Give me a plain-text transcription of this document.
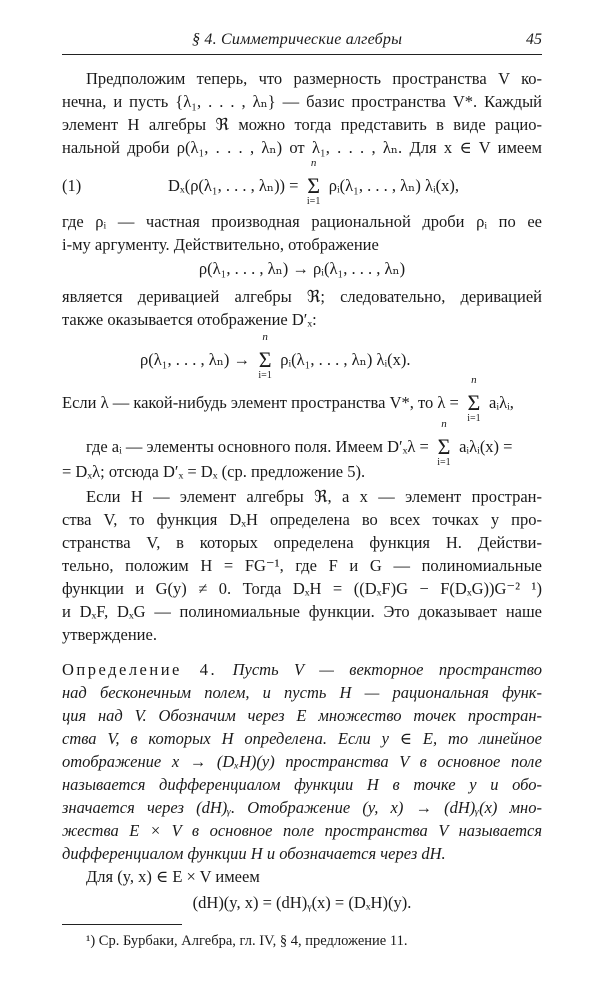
§ 4. Симметрические алгебры	45
Предположим теперь, что размерность пространства V ко-
нечна, и пусть {λ₁, . . . , λₙ} — базис пространства V*. Каждый
элемент H алгебры ℜ можно тогда представить в виде рацио-
нальной дроби ρ(λ₁, . . . , λₙ) от λ₁, . . . , λₙ. Для x ∈ V имеем
(1)	Dₓ(ρ(λ₁, . . . , λₙ)) =
n
Σ
i=1
ρᵢ(λ₁, . . . , λₙ) λᵢ(x),
где ρᵢ — частная производная рациональной дроби ρᵢ по ее
i-му аргументу. Действительно, отображение
ρ(λ₁, . . . , λₙ) → ρᵢ(λ₁, . . . , λₙ)
является деривацией алгебры ℜ; следовательно, деривацией
также оказывается отображение D′ₓ:
ρ(λ₁, . . . , λₙ) →
n
Σ
i=1
ρᵢ(λ₁, . . . , λₙ) λᵢ(x).
Если λ — какой-нибудь элемент пространства V*, то λ =
n
Σ
i=1
aᵢλᵢ,
где aᵢ — элементы основного поля. Имеем D′ₓλ =
n
Σ
i=1
aᵢλᵢ(x) =
= Dₓλ; отсюда D′ₓ = Dₓ (ср. предложение 5).
Если H — элемент алгебры ℜ, а x — элемент простран-
ства V, то функция DₓH определена во всех точках y про-
странства V, в которых определена функция H. Действи-
тельно, положим H = FG⁻¹, где F и G — полиномиальные
функции и G(y) ≠ 0. Тогда DₓH = ((DₓF)G − F(DₓG))G⁻² ¹)
и DₓF, DₓG — полиномиальные функции. Это доказывает наше
утверждение.
Определение 4. Пусть V — векторное пространство
над бесконечным полем, и пусть H — рациональная функ-
ция над V. Обозначим через E множество точек простран-
ства V, в которых H определена. Если y ∈ E, то линейное
отображение x → (DₓH)(y) пространства V в основное поле
называется дифференциалом функции H в точке y и обо-
значается через (dH)ᵧ. Отображение (y, x) → (dH)ᵧ(x) мно-
жества E × V в основное поле пространства V называется
дифференциалом функции H и обозначается через dH.
Для (y, x) ∈ E × V имеем
(dH)(y, x) = (dH)ᵧ(x) = (DₓH)(y).
¹) Ср. Бурбаки, Алгебра, гл. IV, § 4, предложение 11.
